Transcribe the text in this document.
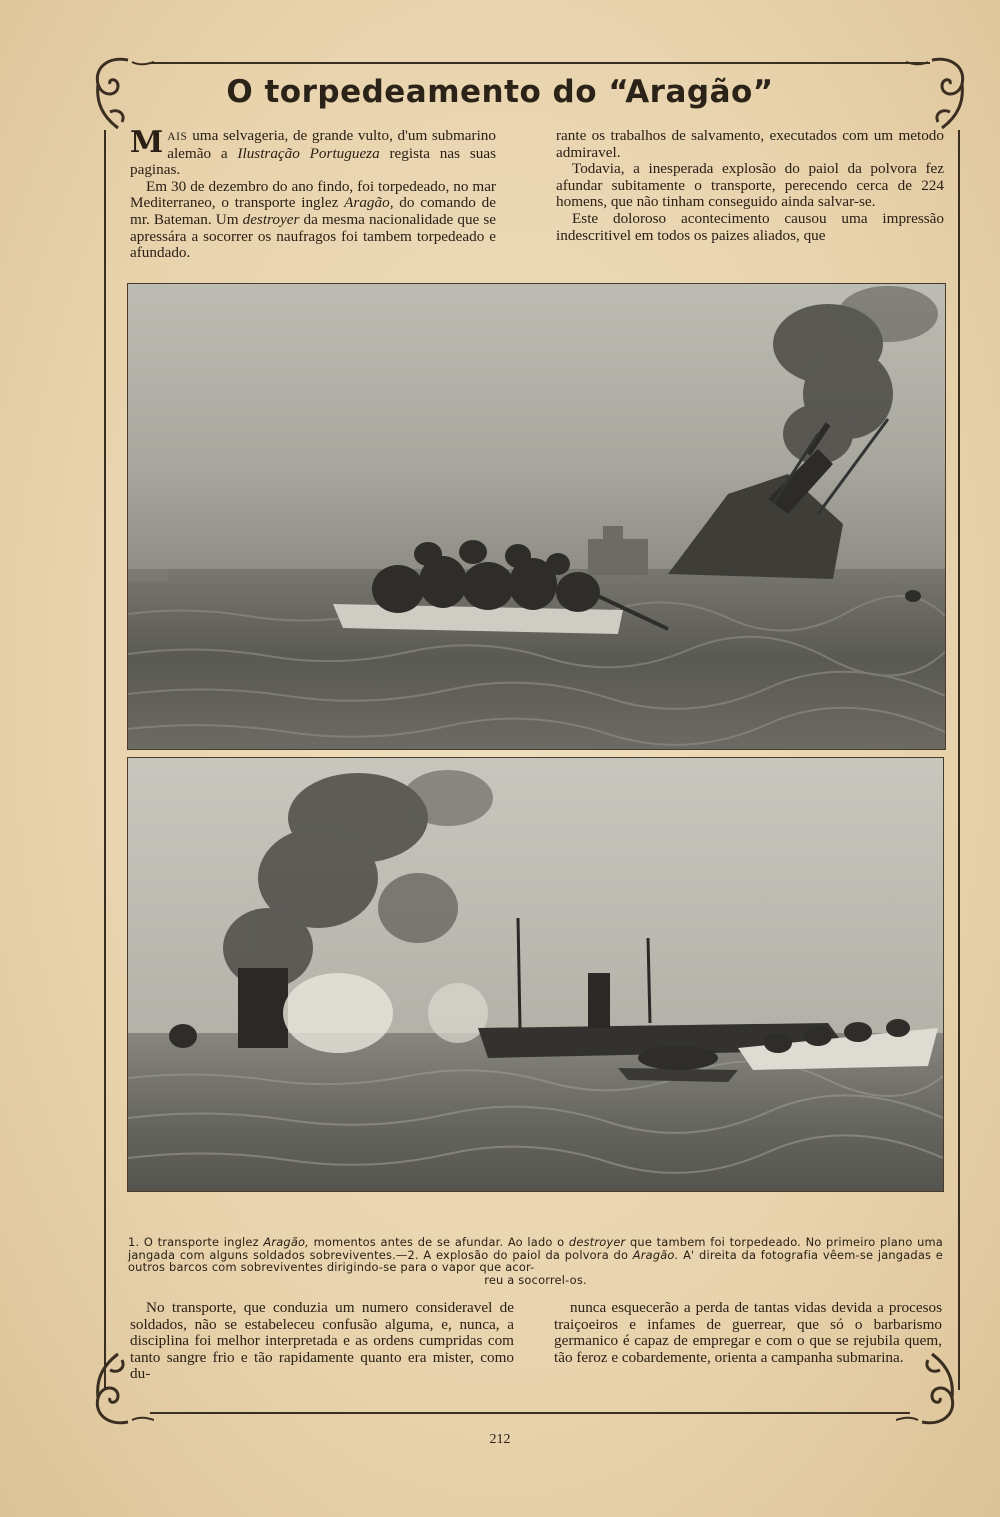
O torpedeamento do “Aragão”

MAIS uma selvageria, de grande vulto, d'um submarino alemão a Ilustração Portugueza regista nas suas paginas.

Em 30 de dezembro do ano findo, foi torpedeado, no mar Mediterraneo, o transporte inglez Aragão, do comando de mr. Bateman. Um destroyer da mesma nacionalidade que se apressára a socorrer os naufragos foi tambem torpedeado e afundado.

rante os trabalhos de salvamento, executados com um metodo admiravel.

Todavia, a inesperada explosão do paiol da polvora fez afundar subitamente o transporte, perecendo cerca de 224 homens, que não tinham conseguido ainda salvar-se.

Este doloroso acontecimento causou uma impressão indescritivel em todos os paizes aliados, que

1. O transporte inglez Aragão, momentos antes de se afundar. Ao lado o destroyer que tambem foi torpedeado. No primeiro plano uma jangada com alguns soldados sobreviventes.—2. A explosão do paiol da polvora do Aragão. A' direita da fotografia vêem-se jangadas e outros barcos com sobreviventes dirigindo-se para o vapor que acor-
reu a socorrel-os.

No transporte, que conduzia um numero consideravel de soldados, não se estabeleceu confusão alguma, e, nunca, a disciplina foi melhor interpretada e as ordens cumpridas com tanto sangre frio e tão rapidamente quanto era mister, como du-

nunca esquecerão a perda de tantas vidas devida a procesos traiçoeiros e infames de guerrear, que só o barbarismo germanico é capaz de empregar e com o que se rejubila quem, tão feroz e cobardemente, orienta a campanha submarina.

212
